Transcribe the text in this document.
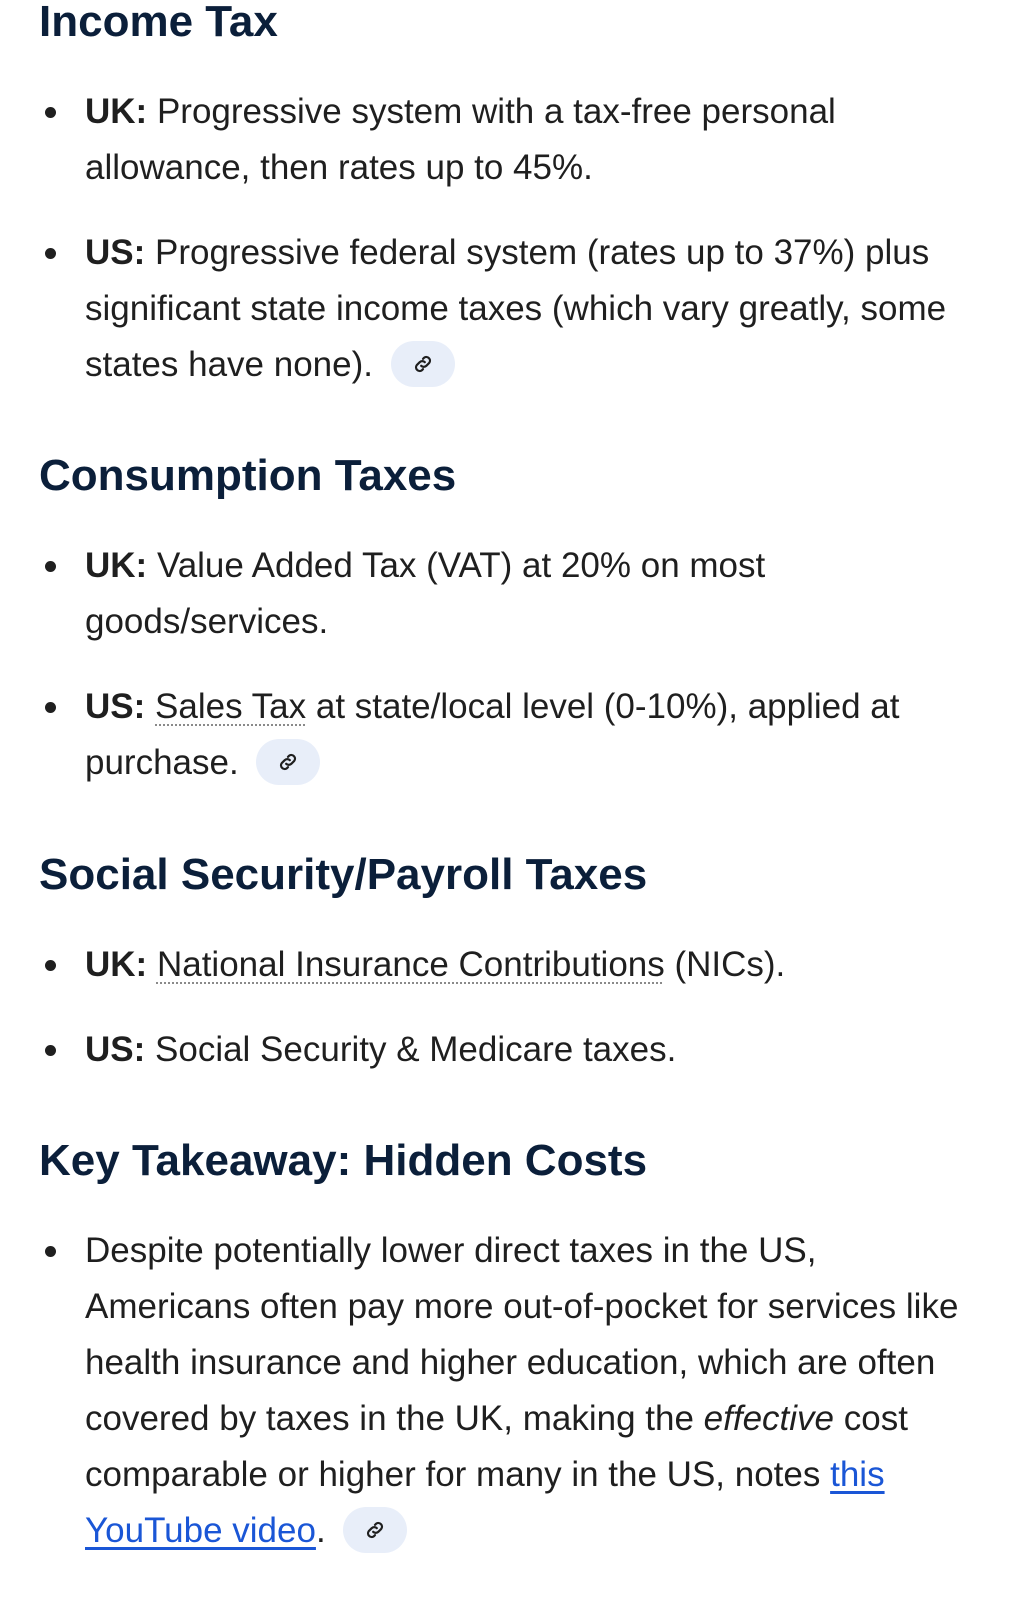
Income Tax
UK: Progressive system with a tax-free personal allowance, then rates up to 45%.
US: Progressive federal system (rates up to 37%) plus significant state income taxes (which vary greatly, some states have none).
Consumption Taxes
UK: Value Added Tax (VAT) at 20% on most goods/services.
US: Sales Tax at state/local level (0-10%), applied at purchase.
Social Security/Payroll Taxes
UK: National Insurance Contributions (NICs).
US: Social Security & Medicare taxes.
Key Takeaway: Hidden Costs
Despite potentially lower direct taxes in the US, Americans often pay more out-of-pocket for services like health insurance and higher education, which are often covered by taxes in the UK, making the effective cost comparable or higher for many in the US, notes this YouTube video.
